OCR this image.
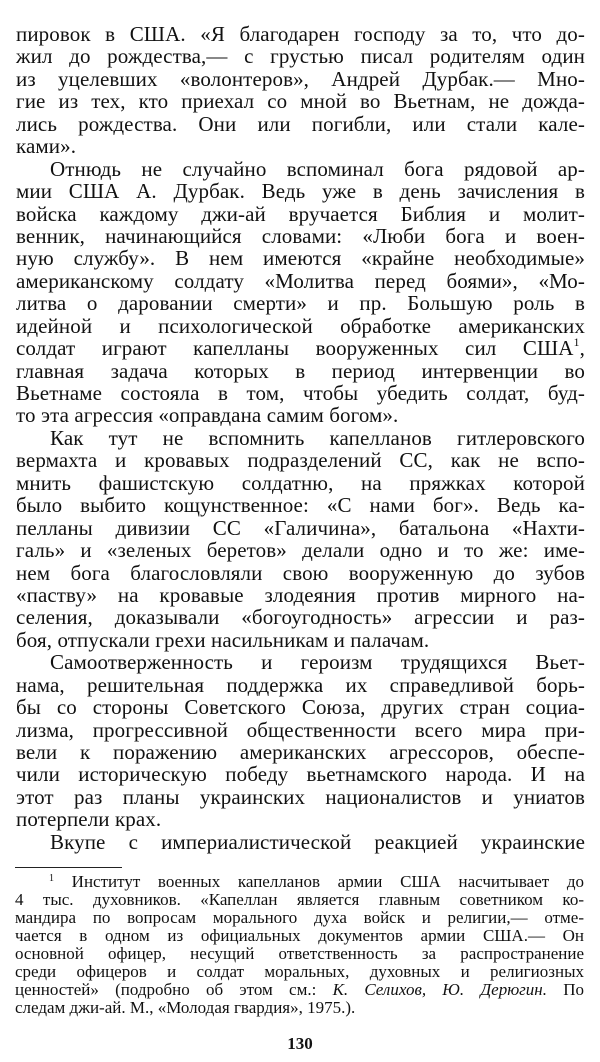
пировок в США. «Я благодарен господу за то, что до-
жил до рождества,— с грустью писал родителям один
из уцелевших «волонтеров», Андрей Дурбак.— Мно-
гие из тех, кто приехал со мной во Вьетнам, не дожда-
лись рождества. Они или погибли, или стали кале-
ками».
Отнюдь не случайно вспоминал бога рядовой ар-
мии США А. Дурбак. Ведь уже в день зачисления в
войска каждому джи-ай вручается Библия и молит-
венник, начинающийся словами: «Люби бога и воен-
ную службу». В нем имеются «крайне необходимые»
американскому солдату «Молитва перед боями», «Мо-
литва о даровании смерти» и пр. Большую роль в
идейной и психологической обработке американских
солдат играют капелланы вооруженных сил США$^1$,
главная задача которых в период интервенции во
Вьетнаме состояла в том, чтобы убедить солдат, буд-
то эта агрессия «оправдана самим богом».
Как тут не вспомнить капелланов гитлеровского
вермахта и кровавых подразделений СС, как не вспо-
мнить фашистскую солдатню, на пряжках которой
было выбито кощунственное: «С нами бог». Ведь ка-
пелланы дивизии СС «Галичина», батальона «Нахти-
галь» и «зеленых беретов» делали одно и то же: име-
нем бога благословляли свою вооруженную до зубов
«паству» на кровавые злодеяния против мирного на-
селения, доказывали «богоугодность» агрессии и раз-
боя, отпускали грехи насильникам и палачам.
Самоотверженность и героизм трудящихся Вьет-
нама, решительная поддержка их справедливой борь-
бы со стороны Советского Союза, других стран социа-
лизма, прогрессивной общественности всего мира при-
вели к поражению американских агрессоров, обеспе-
чили историческую победу вьетнамского народа. И на
этот раз планы украинских националистов и униатов
потерпели крах.
Вкупе с империалистической реакцией украинские
$^1$ Институт военных капелланов армии США насчитывает до
4 тыс. духовников. «Капеллан является главным советником ко-
мандира по вопросам морального духа войск и религии,— отме-
чается в одном из официальных документов армии США.— Он
основной офицер, несущий ответственность за распространение
среди офицеров и солдат моральных, духовных и религиозных
ценностей» (подробно об этом см.: К. Селихов, Ю. Дерюгин. По
следам джи-ай. М., «Молодая гвардия», 1975.).
130
